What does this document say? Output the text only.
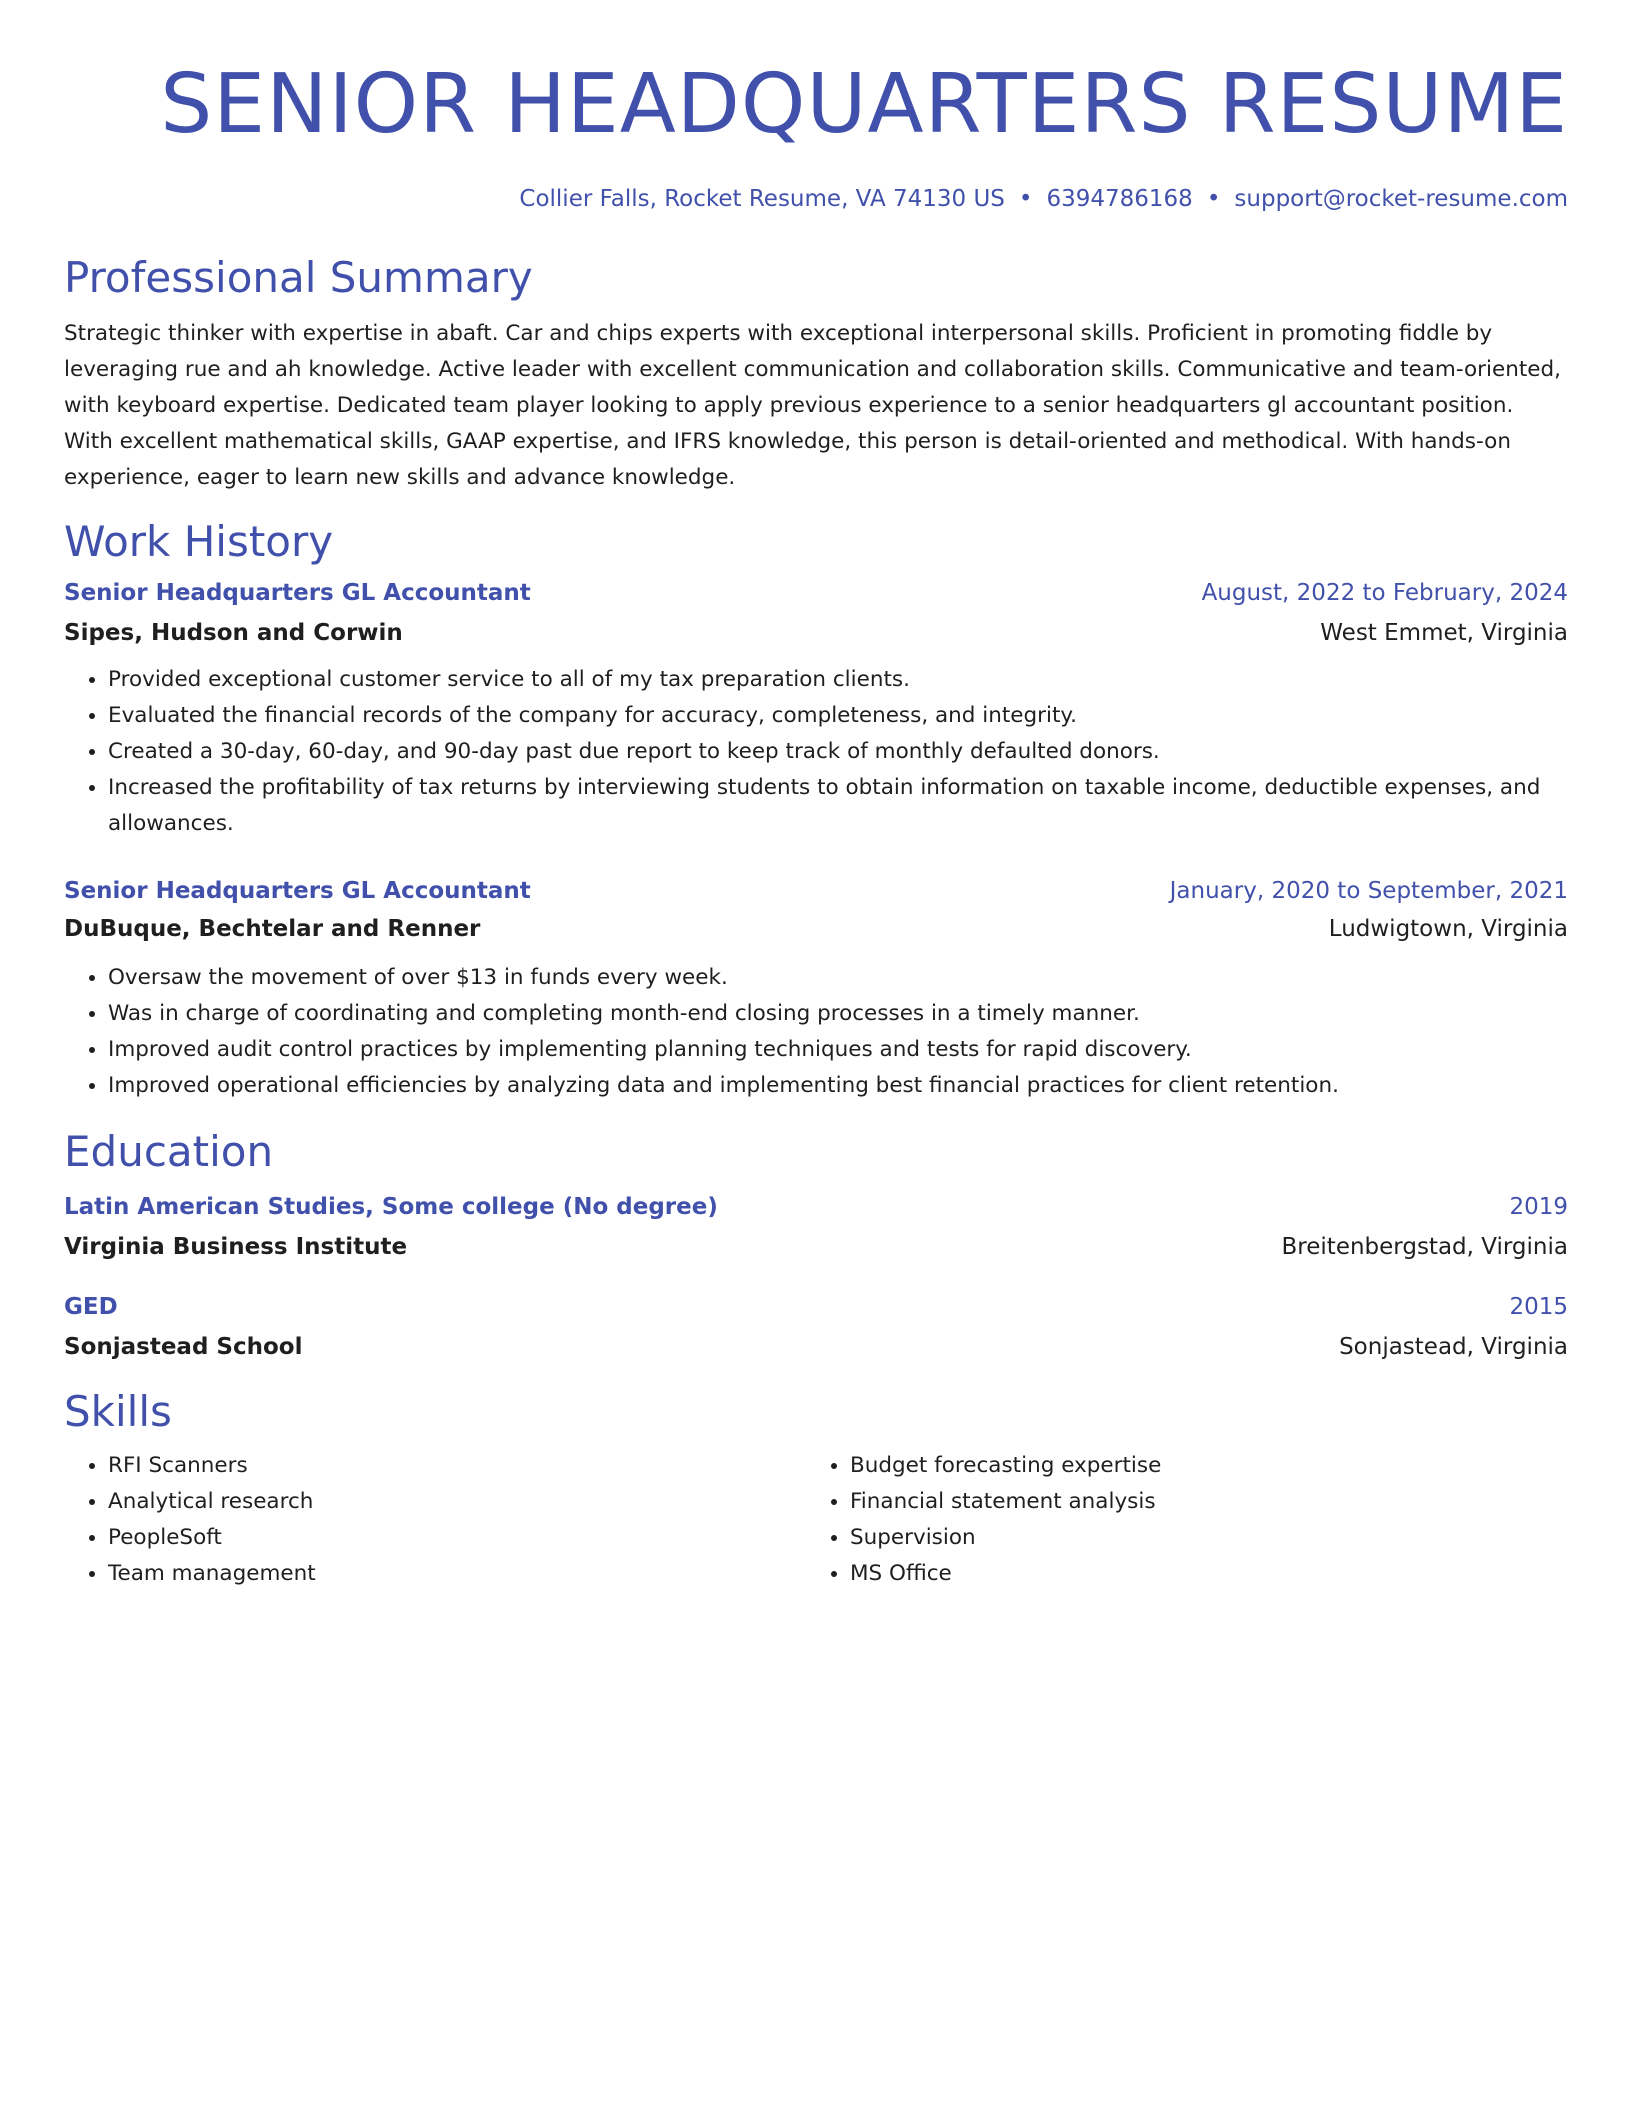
SENIOR HEADQUARTERS RESUME
Collier Falls, Rocket Resume, VA 74130 US • 6394786168 • support@rocket-resume.com
Professional Summary
Strategic thinker with expertise in abaft. Car and chips experts with exceptional interpersonal skills. Proficient in promoting fiddle by leveraging rue and ah knowledge. Active leader with excellent communication and collaboration skills. Communicative and team-oriented, with keyboard expertise. Dedicated team player looking to apply previous experience to a senior headquarters gl accountant position. With excellent mathematical skills, GAAP expertise, and IFRS knowledge, this person is detail-oriented and methodical. With hands-on experience, eager to learn new skills and advance knowledge.
Work History
Senior Headquarters GL Accountant	August, 2022 to February, 2024
Sipes, Hudson and Corwin	West Emmet, Virginia
• Provided exceptional customer service to all of my tax preparation clients.
• Evaluated the financial records of the company for accuracy, completeness, and integrity.
• Created a 30-day, 60-day, and 90-day past due report to keep track of monthly defaulted donors.
• Increased the profitability of tax returns by interviewing students to obtain information on taxable income, deductible expenses, and allowances.
Senior Headquarters GL Accountant	January, 2020 to September, 2021
DuBuque, Bechtelar and Renner	Ludwigtown, Virginia
• Oversaw the movement of over $13 in funds every week.
• Was in charge of coordinating and completing month-end closing processes in a timely manner.
• Improved audit control practices by implementing planning techniques and tests for rapid discovery.
• Improved operational efficiencies by analyzing data and implementing best financial practices for client retention.
Education
Latin American Studies, Some college (No degree)	2019
Virginia Business Institute	Breitenbergstad, Virginia
GED	2015
Sonjastead School	Sonjastead, Virginia
Skills
• RFI Scanners
• Analytical research
• PeopleSoft
• Team management
• Budget forecasting expertise
• Financial statement analysis
• Supervision
• MS Office
